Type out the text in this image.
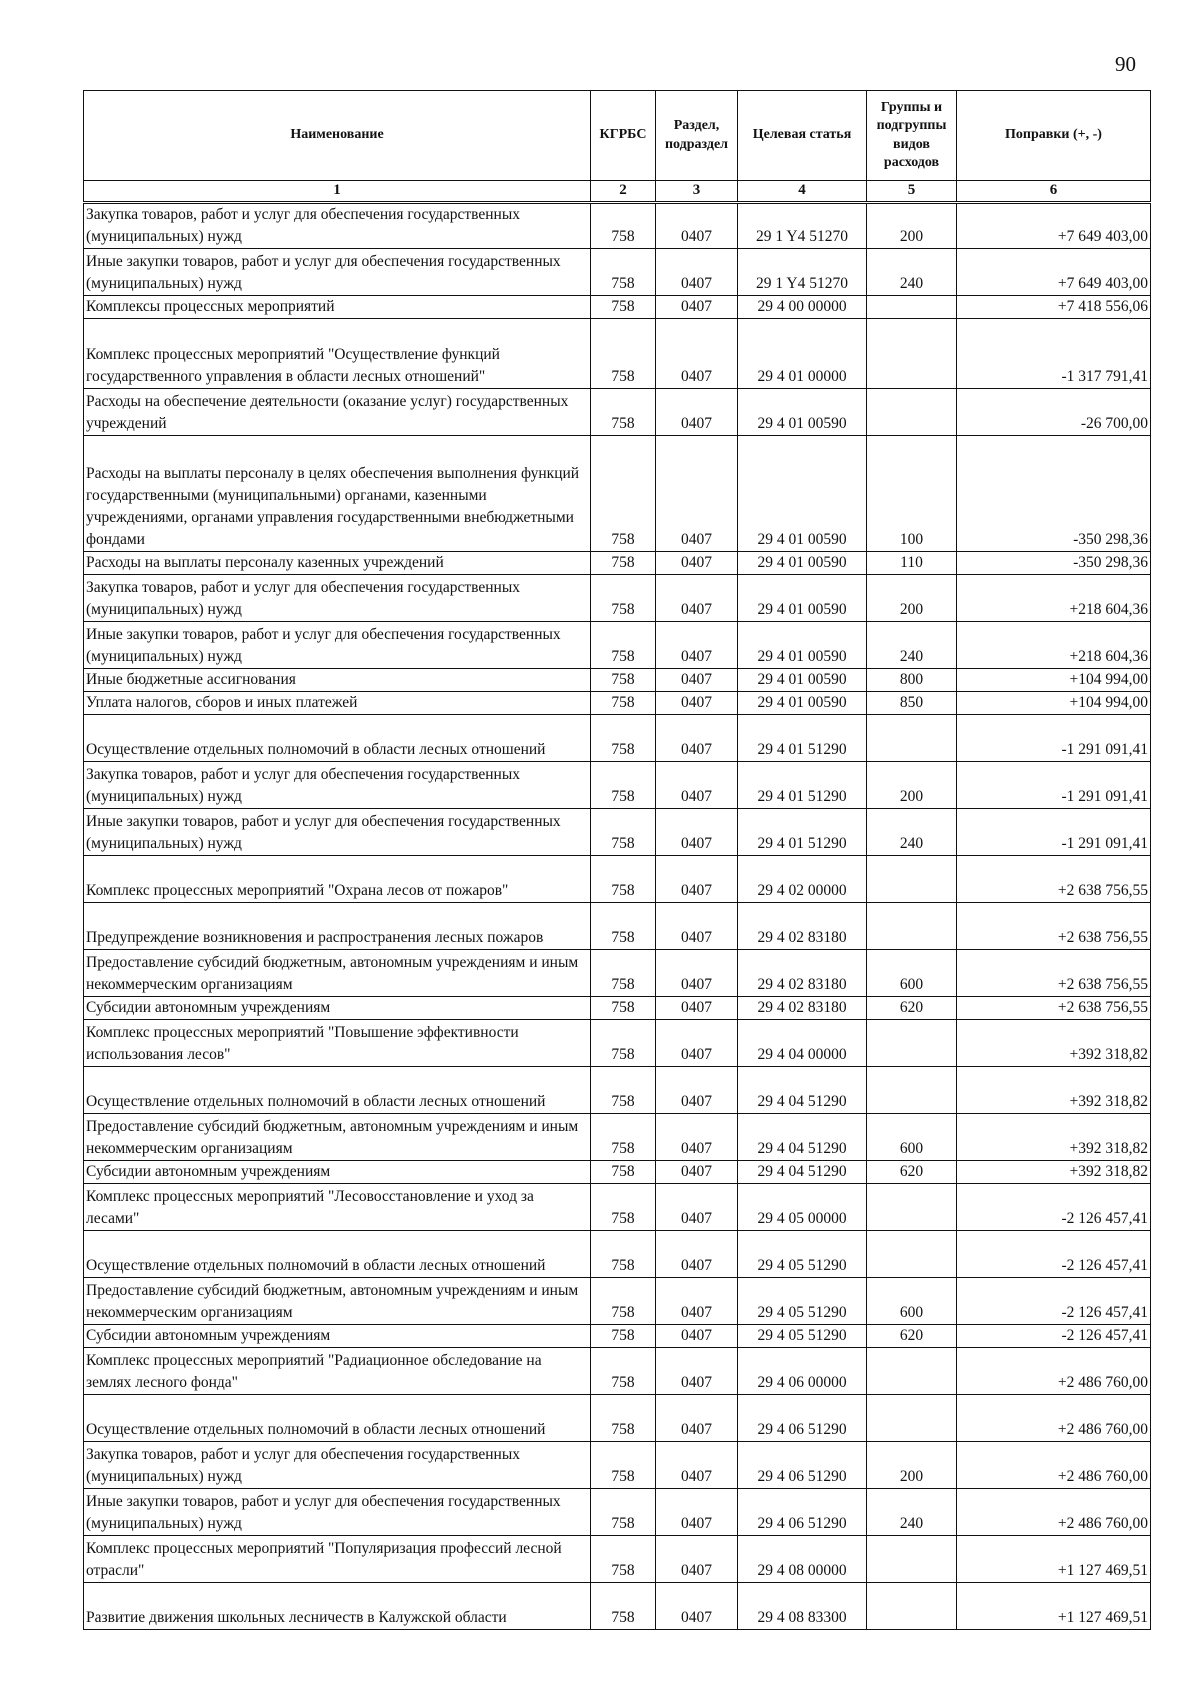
90
Наименование	КГРБС	Раздел, подраздел	Целевая статья	Группы и подгруппы видов расходов	Поправки (+, -)
1	2	3	4	5	6
Закупка товаров, работ и услуг для обеспечения государственных (муниципальных) нужд	758	0407	29 1 Y4 51270	200	+7 649 403,00
Иные закупки товаров, работ и услуг для обеспечения государственных (муниципальных) нужд	758	0407	29 1 Y4 51270	240	+7 649 403,00
Комплексы процессных мероприятий	758	0407	29 4 00 00000		+7 418 556,06
Комплекс процессных мероприятий "Осуществление функций государственного управления в области лесных отношений"	758	0407	29 4 01 00000		-1 317 791,41
Расходы на обеспечение деятельности (оказание услуг) государственных учреждений	758	0407	29 4 01 00590		-26 700,00
Расходы на выплаты персоналу в целях обеспечения выполнения функций государственными (муниципальными) органами, казенными учреждениями, органами управления государственными внебюджетными фондами	758	0407	29 4 01 00590	100	-350 298,36
Расходы на выплаты персоналу казенных учреждений	758	0407	29 4 01 00590	110	-350 298,36
Закупка товаров, работ и услуг для обеспечения государственных (муниципальных) нужд	758	0407	29 4 01 00590	200	+218 604,36
Иные закупки товаров, работ и услуг для обеспечения государственных (муниципальных) нужд	758	0407	29 4 01 00590	240	+218 604,36
Иные бюджетные ассигнования	758	0407	29 4 01 00590	800	+104 994,00
Уплата налогов, сборов и иных платежей	758	0407	29 4 01 00590	850	+104 994,00
Осуществление отдельных полномочий в области лесных отношений	758	0407	29 4 01 51290		-1 291 091,41
Закупка товаров, работ и услуг для обеспечения государственных (муниципальных) нужд	758	0407	29 4 01 51290	200	-1 291 091,41
Иные закупки товаров, работ и услуг для обеспечения государственных (муниципальных) нужд	758	0407	29 4 01 51290	240	-1 291 091,41
Комплекс процессных мероприятий "Охрана лесов от пожаров"	758	0407	29 4 02 00000		+2 638 756,55
Предупреждение возникновения и распространения лесных пожаров	758	0407	29 4 02 83180		+2 638 756,55
Предоставление субсидий бюджетным, автономным учреждениям и иным некоммерческим организациям	758	0407	29 4 02 83180	600	+2 638 756,55
Субсидии автономным учреждениям	758	0407	29 4 02 83180	620	+2 638 756,55
Комплекс процессных мероприятий "Повышение эффективности использования лесов"	758	0407	29 4 04 00000		+392 318,82
Осуществление отдельных полномочий в области лесных отношений	758	0407	29 4 04 51290		+392 318,82
Предоставление субсидий бюджетным, автономным учреждениям и иным некоммерческим организациям	758	0407	29 4 04 51290	600	+392 318,82
Субсидии автономным учреждениям	758	0407	29 4 04 51290	620	+392 318,82
Комплекс процессных мероприятий "Лесовосстановление и уход за лесами"	758	0407	29 4 05 00000		-2 126 457,41
Осуществление отдельных полномочий в области лесных отношений	758	0407	29 4 05 51290		-2 126 457,41
Предоставление субсидий бюджетным, автономным учреждениям и иным некоммерческим организациям	758	0407	29 4 05 51290	600	-2 126 457,41
Субсидии автономным учреждениям	758	0407	29 4 05 51290	620	-2 126 457,41
Комплекс процессных мероприятий "Радиационное обследование на землях лесного фонда"	758	0407	29 4 06 00000		+2 486 760,00
Осуществление отдельных полномочий в области лесных отношений	758	0407	29 4 06 51290		+2 486 760,00
Закупка товаров, работ и услуг для обеспечения государственных (муниципальных) нужд	758	0407	29 4 06 51290	200	+2 486 760,00
Иные закупки товаров, работ и услуг для обеспечения государственных (муниципальных) нужд	758	0407	29 4 06 51290	240	+2 486 760,00
Комплекс процессных мероприятий "Популяризация профессий лесной отрасли"	758	0407	29 4 08 00000		+1 127 469,51
Развитие движения школьных лесничеств в Калужской области	758	0407	29 4 08 83300		+1 127 469,51
